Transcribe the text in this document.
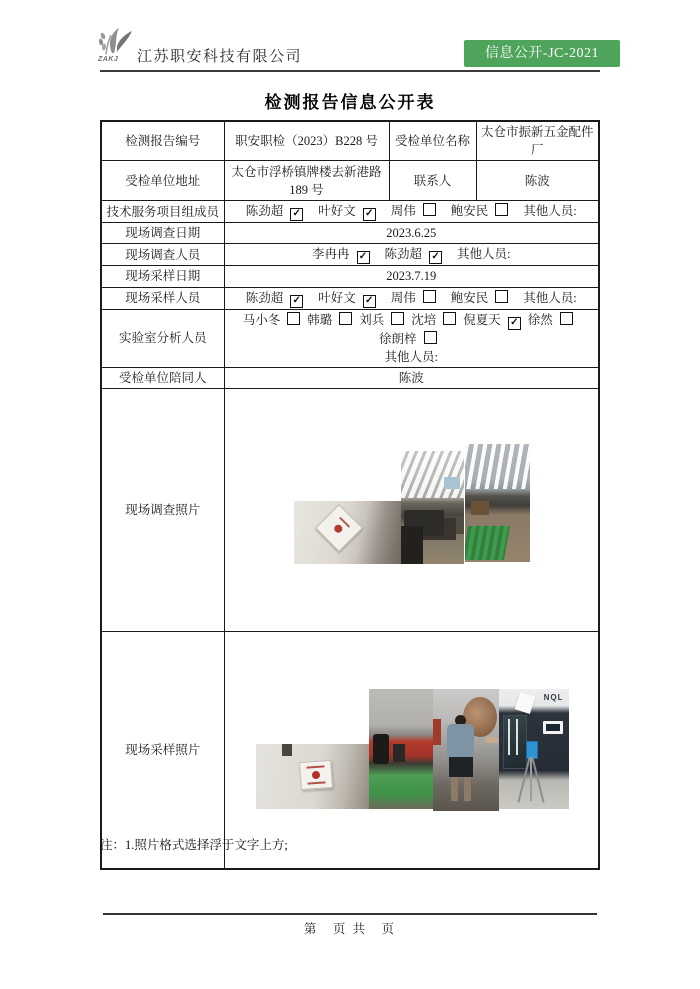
ZAKJ 江苏职安科技有限公司	信息公开-JC-2021
检测报告信息公开表
检测报告编号	职安职检（2023）B228 号	受检单位名称	太仓市振新五金配件厂
受检单位地址	太仓市浮桥镇牌楼去新港路 189 号	联系人	陈波
技术服务项目组成员	陈劲超 ✓ 叶好文 ✓ 周伟 鲍安民 其他人员:		
现场调查日期	2023.6.25		
现场调查人员	李冉冉 ✓ 陈劲超 ✓ 其他人员:		
现场采样日期	2023.7.19		
现场采样人员	陈劲超 ✓ 叶好文 ✓ 周伟 鲍安民 其他人员:		
实验室分析人员	马小冬 韩璐 刘兵 沈培 倪夏天 ✓ 徐然徐朗梓
其他人员:		

受检单位陪同人	陈波		
现场调查照片			

现场采样照片	NQL		
注：1.照片格式选择浮于文字上方;
第　页 共　页
